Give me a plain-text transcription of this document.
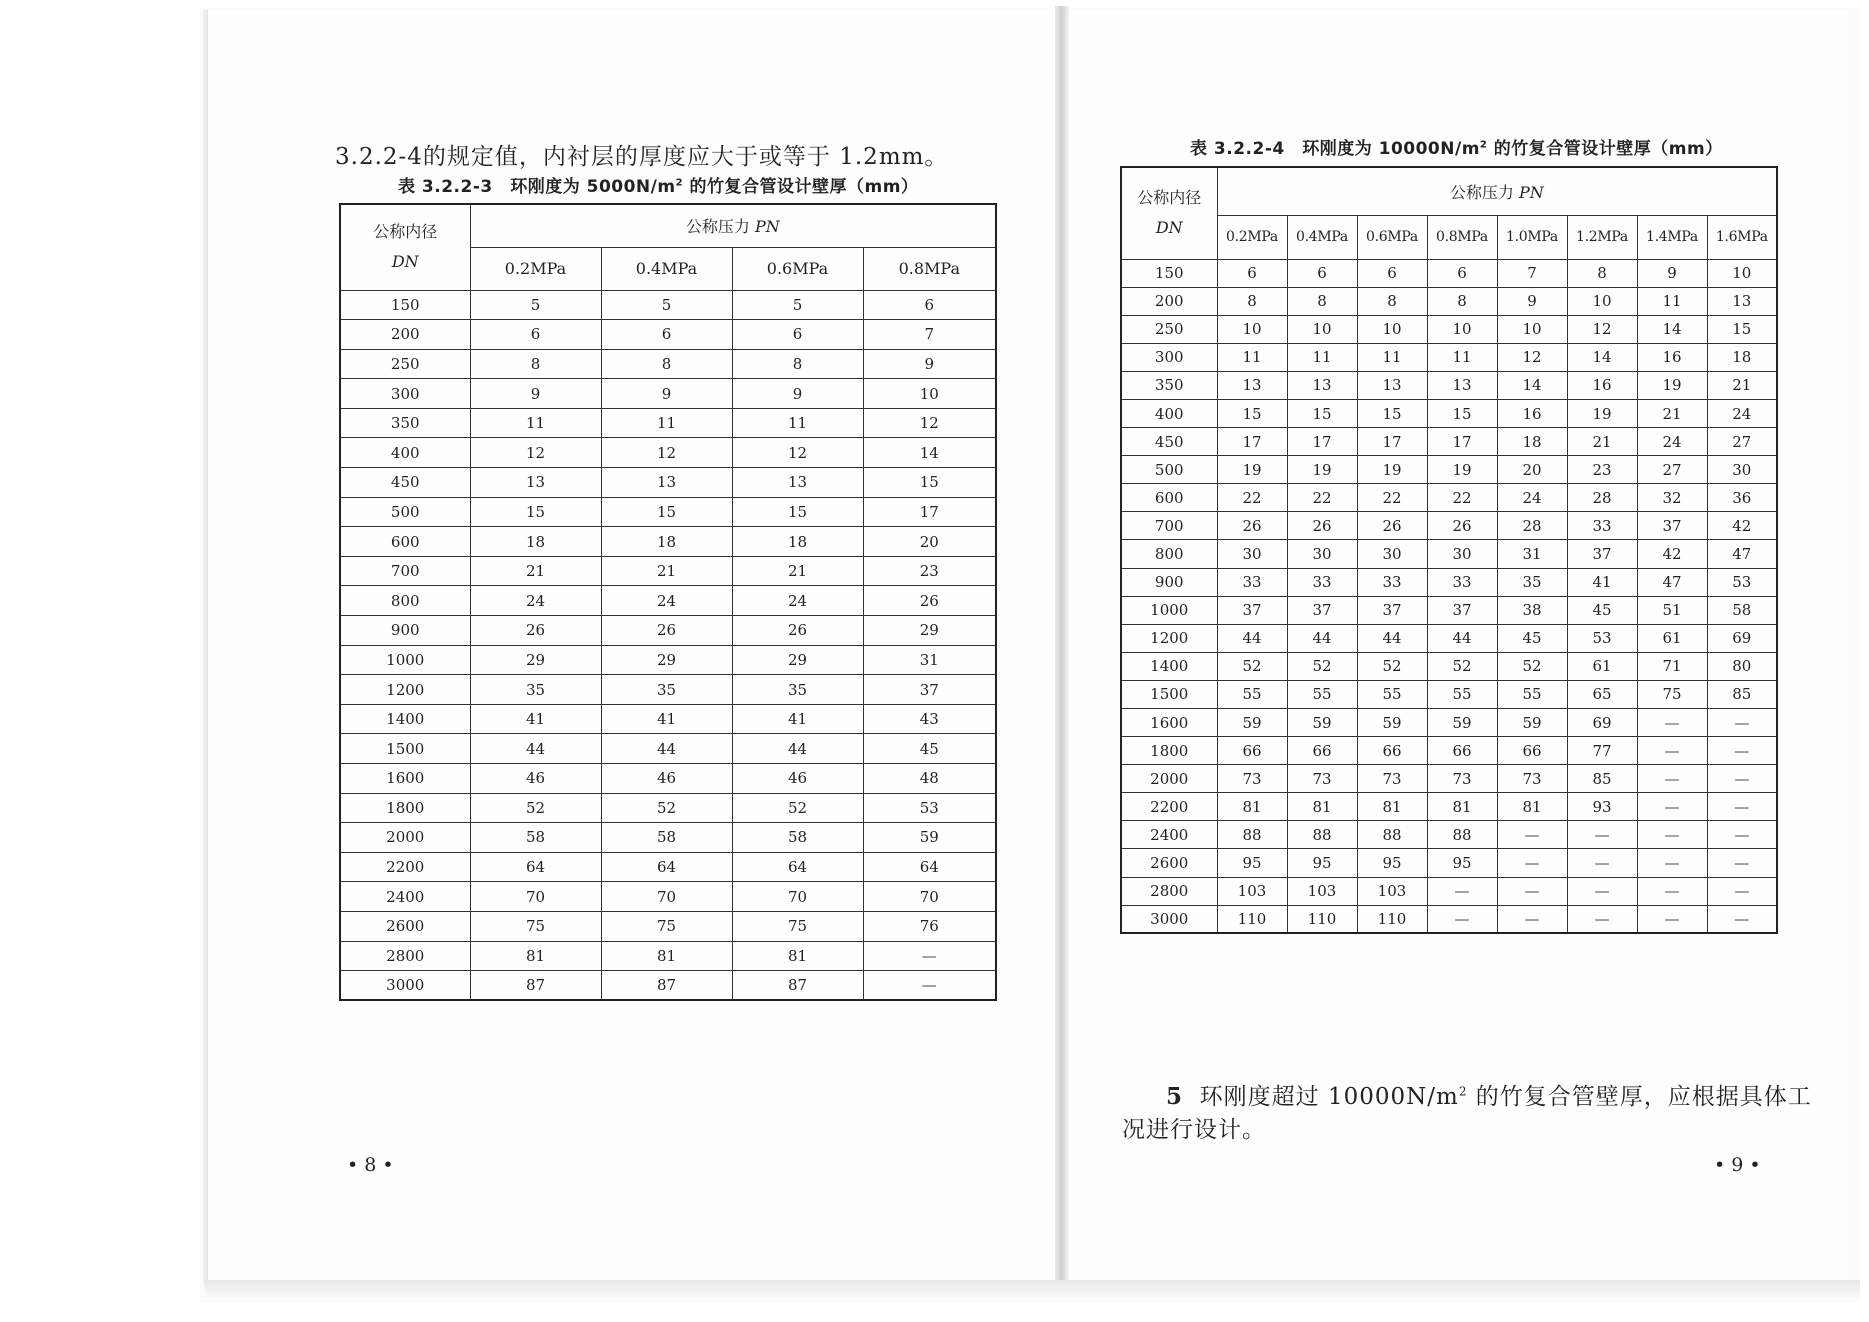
3.2.2-4的规定值，内衬层的厚度应大于或等于 1.2mm。
表 3.2.2-3　环刚度为 $5000N/m^2$ 的竹复合管设计壁厚（mm）
公称内径
DN	公称压力 PN			
	0.2MPa	0.4MPa	0.6MPa	0.8MPa
150	5	5	5	6
200	6	6	6	7
250	8	8	8	9
300	9	9	9	10
350	11	11	11	12
400	12	12	12	14
450	13	13	13	15
500	15	15	15	17
600	18	18	18	20
700	21	21	21	23
800	24	24	24	26
900	26	26	26	29
1000	29	29	29	31
1200	35	35	35	37
1400	41	41	41	43
1500	44	44	44	45
1600	46	46	46	48
1800	52	52	52	53
2000	58	58	58	59
2200	64	64	64	64
2400	70	70	70	70
2600	75	75	75	76
2800	81	81	81	—
3000	87	87	87	—
• 8 •
表 3.2.2-4　环刚度为 $10000N/m^2$ 的竹复合管设计壁厚（mm）
公称内径
DN	公称压力 PN							
	0.2MPa	0.4MPa	0.6MPa	0.8MPa	1.0MPa	1.2MPa	1.4MPa	1.6MPa
150	6	6	6	6	7	8	9	10
200	8	8	8	8	9	10	11	13
250	10	10	10	10	10	12	14	15
300	11	11	11	11	12	14	16	18
350	13	13	13	13	14	16	19	21
400	15	15	15	15	16	19	21	24
450	17	17	17	17	18	21	24	27
500	19	19	19	19	20	23	27	30
600	22	22	22	22	24	28	32	36
700	26	26	26	26	28	33	37	42
800	30	30	30	30	31	37	42	47
900	33	33	33	33	35	41	47	53
1000	37	37	37	37	38	45	51	58
1200	44	44	44	44	45	53	61	69
1400	52	52	52	52	52	61	71	80
1500	55	55	55	55	55	65	75	85
1600	59	59	59	59	59	69	—	—
1800	66	66	66	66	66	77	—	—
2000	73	73	73	73	73	85	—	—
2200	81	81	81	81	81	93	—	—
2400	88	88	88	88	—	—	—	—
2600	95	95	95	95	—	—	—	—
2800	103	103	103	—	—	—	—	—
3000	110	110	110	—	—	—	—	—
5 环刚度超过 $10000N/m^2$ 的竹复合管壁厚，应根据具体工
况进行设计。
• 9 •
